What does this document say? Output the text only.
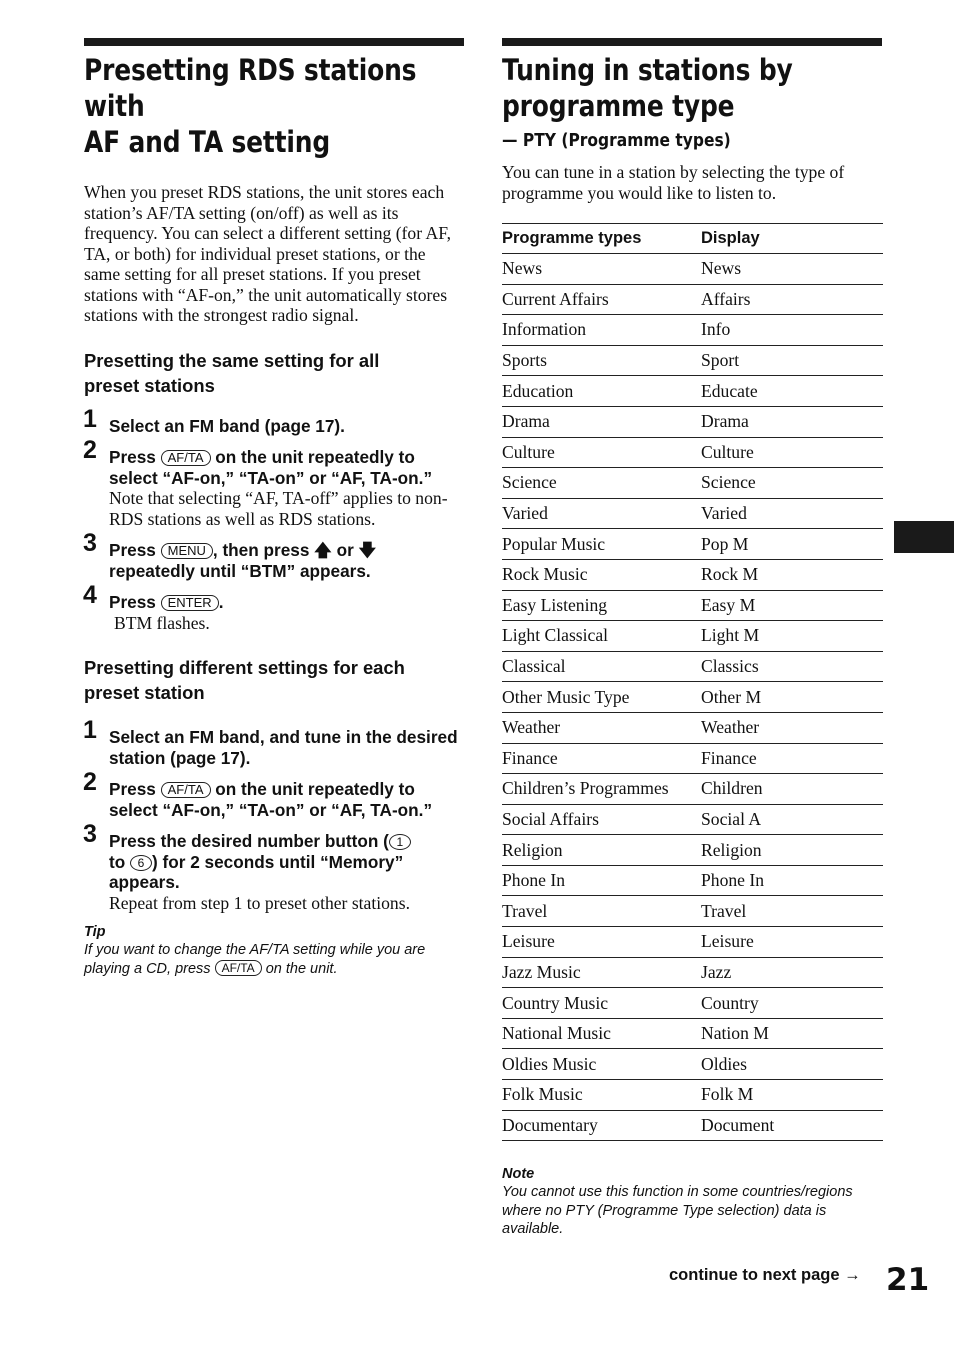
Presetting RDS stations with
AF and TA setting
When you preset RDS stations, the unit stores each station’s AF/TA setting (on/off) as well as its frequency. You can select a different setting (for AF, TA, or both) for individual preset stations, or the same setting for all preset stations. If you preset stations with “AF-on,” the unit automatically stores stations with the strongest radio signal.
Presetting the same setting for all
preset stations
1 Select an FM band (page 17).
2 Press AF/TA on the unit repeatedly to select “AF-on,” “TA-on” or “AF, TA-on.”
Note that selecting “AF, TA-off” applies to non-RDS stations as well as RDS stations.
3 Press MENU , then press 🡅 or 🡇 repeatedly until “BTM” appears.
4 Press ENTER .
BTM flashes.
Presetting different settings for each
preset station
1 Select an FM band, and tune in the desired station (page 17).
2 Press AF/TA on the unit repeatedly to select “AF-on,” “TA-on” or “AF, TA-on.”
3 Press the desired number button ( 1
to 6 ) for 2 seconds until “Memory” appears.
Repeat from step 1 to preset other stations.
Tip
If you want to change the AF/TA setting while you are playing a CD, press AF/TA on the unit.
Tuning in stations by
programme type
— PTY (Programme types)
You can tune in a station by selecting the type of programme you would like to listen to.
Programme types	Display
News	News
Current Affairs	Affairs
Information	Info
Sports	Sport
Education	Educate
Drama	Drama
Culture	Culture
Science	Science
Varied	Varied
Popular Music	Pop M
Rock Music	Rock M
Easy Listening	Easy M
Light Classical	Light M
Classical	Classics
Other Music Type	Other M
Weather	Weather
Finance	Finance
Children’s Programmes	Children
Social Affairs	Social A
Religion	Religion
Phone In	Phone In
Travel	Travel
Leisure	Leisure
Jazz Music	Jazz
Country Music	Country
National Music	Nation M
Oldies Music	Oldies
Folk Music	Folk M
Documentary	Document
Note
You cannot use this function in some countries/regions where no PTY (Programme Type selection) data is available.
continue to next page → 21
